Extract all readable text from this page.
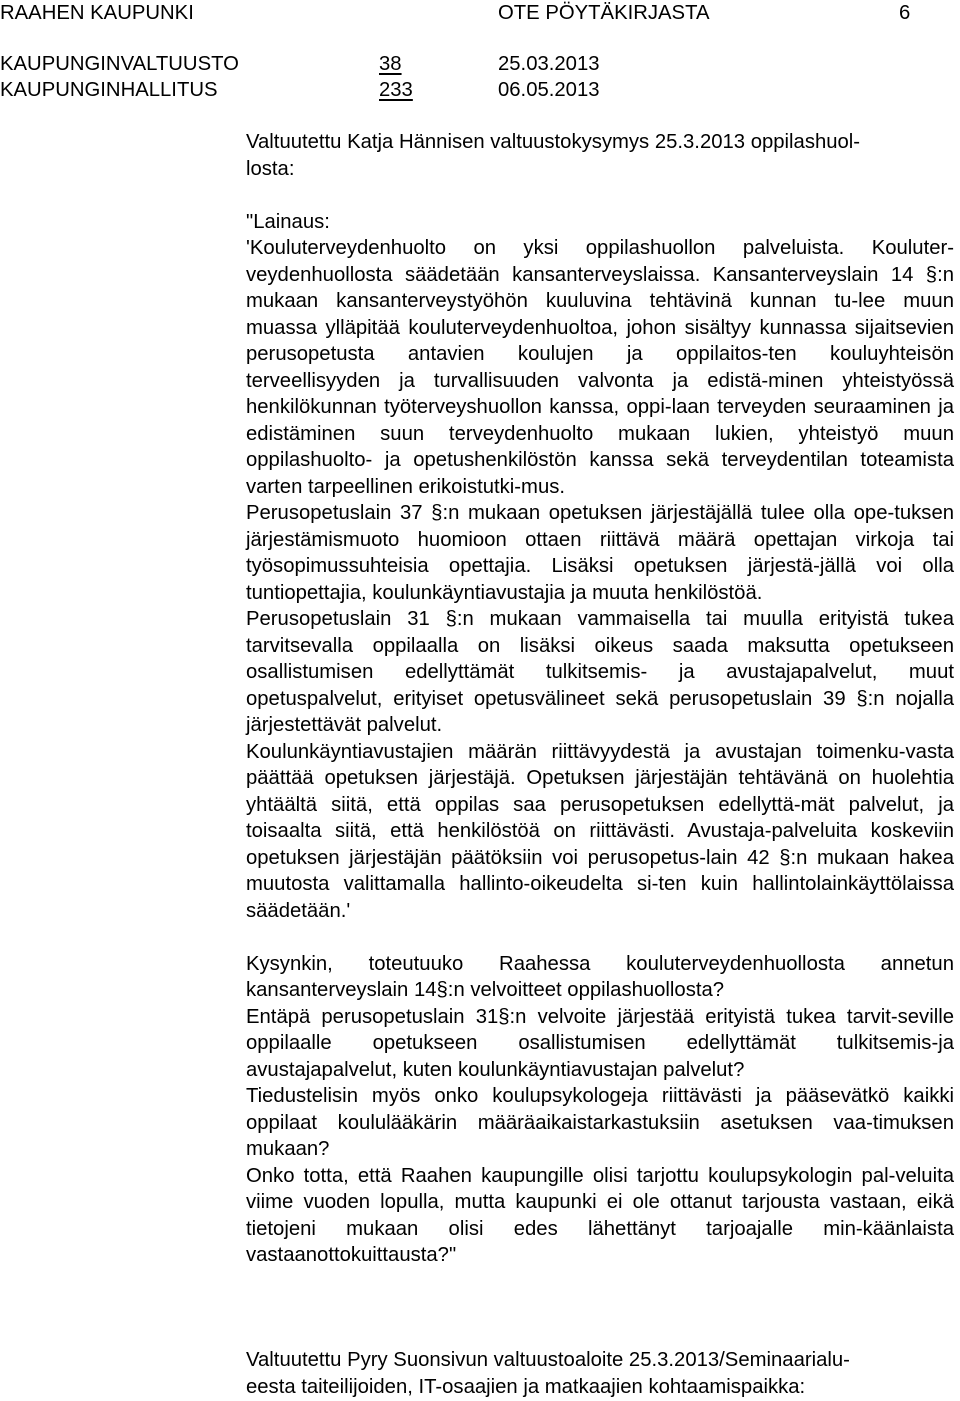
RAAHEN KAUPUNKI	OTE PÖYTÄKIRJASTA	6
KAUPUNGINVALTUUSTO	38	25.03.2013
KAUPUNGINHALLITUS	233	06.05.2013
Valtuutettu Katja Hännisen valtuustokysymys 25.3.2013 oppilashuol-
losta:

"Lainaus:

'Kouluterveydenhuolto on yksi oppilashuollon palveluista. Kouluter-veydenhuollosta säädetään kansanterveyslaissa. Kansanterveyslain 14 §:n mukaan kansanterveystyöhön kuuluvina tehtävinä kunnan tu-lee muun muassa ylläpitää kouluterveydenhuoltoa, johon sisältyy kunnassa sijaitsevien perusopetusta antavien koulujen ja oppilaitos-ten kouluyhteisön terveellisyyden ja turvallisuuden valvonta ja edistä-minen yhteistyössä henkilökunnan työterveyshuollon kanssa, oppi-laan terveyden seuraaminen ja edistäminen suun terveydenhuolto mukaan lukien, yhteistyö muun oppilashuolto- ja opetushenkilöstön kanssa sekä terveydentilan toteamista varten tarpeellinen erikoistutki-mus.

Perusopetuslain 37 §:n mukaan opetuksen järjestäjällä tulee olla ope-tuksen järjestämismuoto huomioon ottaen riittävä määrä opettajan virkoja tai työsopimussuhteisia opettajia. Lisäksi opetuksen järjestä-jällä voi olla tuntiopettajia, koulunkäyntiavustajia ja muuta henkilöstöä.

Perusopetuslain 31 §:n mukaan vammaisella tai muulla erityistä tukea tarvitsevalla oppilaalla on lisäksi oikeus saada maksutta opetukseen osallistumisen edellyttämät tulkitsemis- ja avustajapalvelut, muut opetuspalvelut, erityiset opetusvälineet sekä perusopetuslain 39 §:n nojalla järjestettävät palvelut.

Koulunkäyntiavustajien määrän riittävyydestä ja avustajan toimenku-vasta päättää opetuksen järjestäjä. Opetuksen järjestäjän tehtävänä on huolehtia yhtäältä siitä, että oppilas saa perusopetuksen edellyttä-mät palvelut, ja toisaalta siitä, että henkilöstöä on riittävästi. Avustaja-palveluita koskeviin opetuksen järjestäjän päätöksiin voi perusopetus-lain 42 §:n mukaan hakea muutosta valittamalla hallinto-oikeudelta si-ten kuin hallintolainkäyttölaissa säädetään.'

Kysynkin, toteutuuko Raahessa kouluterveydenhuollosta annetun kansanterveyslain 14§:n velvoitteet oppilashuollosta?

Entäpä perusopetuslain 31§:n velvoite järjestää erityistä tukea tarvit-seville oppilaalle opetukseen osallistumisen edellyttämät tulkitsemis-ja avustajapalvelut, kuten koulunkäyntiavustajan palvelut?

Tiedustelisin myös onko koulupsykologeja riittävästi ja pääsevätkö kaikki oppilaat koululääkärin määräaikaistarkastuksiin asetuksen vaa-timuksen mukaan?

Onko totta, että Raahen kaupungille olisi tarjottu koulupsykologin pal-veluita viime vuoden lopulla, mutta kaupunki ei ole ottanut tarjousta vastaan, eikä tietojeni mukaan olisi edes lähettänyt tarjoajalle min-käänlaista vastaanottokuittausta?"

Valtuutettu Pyry Suonsivun valtuustoaloite 25.3.2013/Seminaarialu-
eesta taiteilijoiden, IT-osaajien ja matkaajien kohtaamispaikka:
